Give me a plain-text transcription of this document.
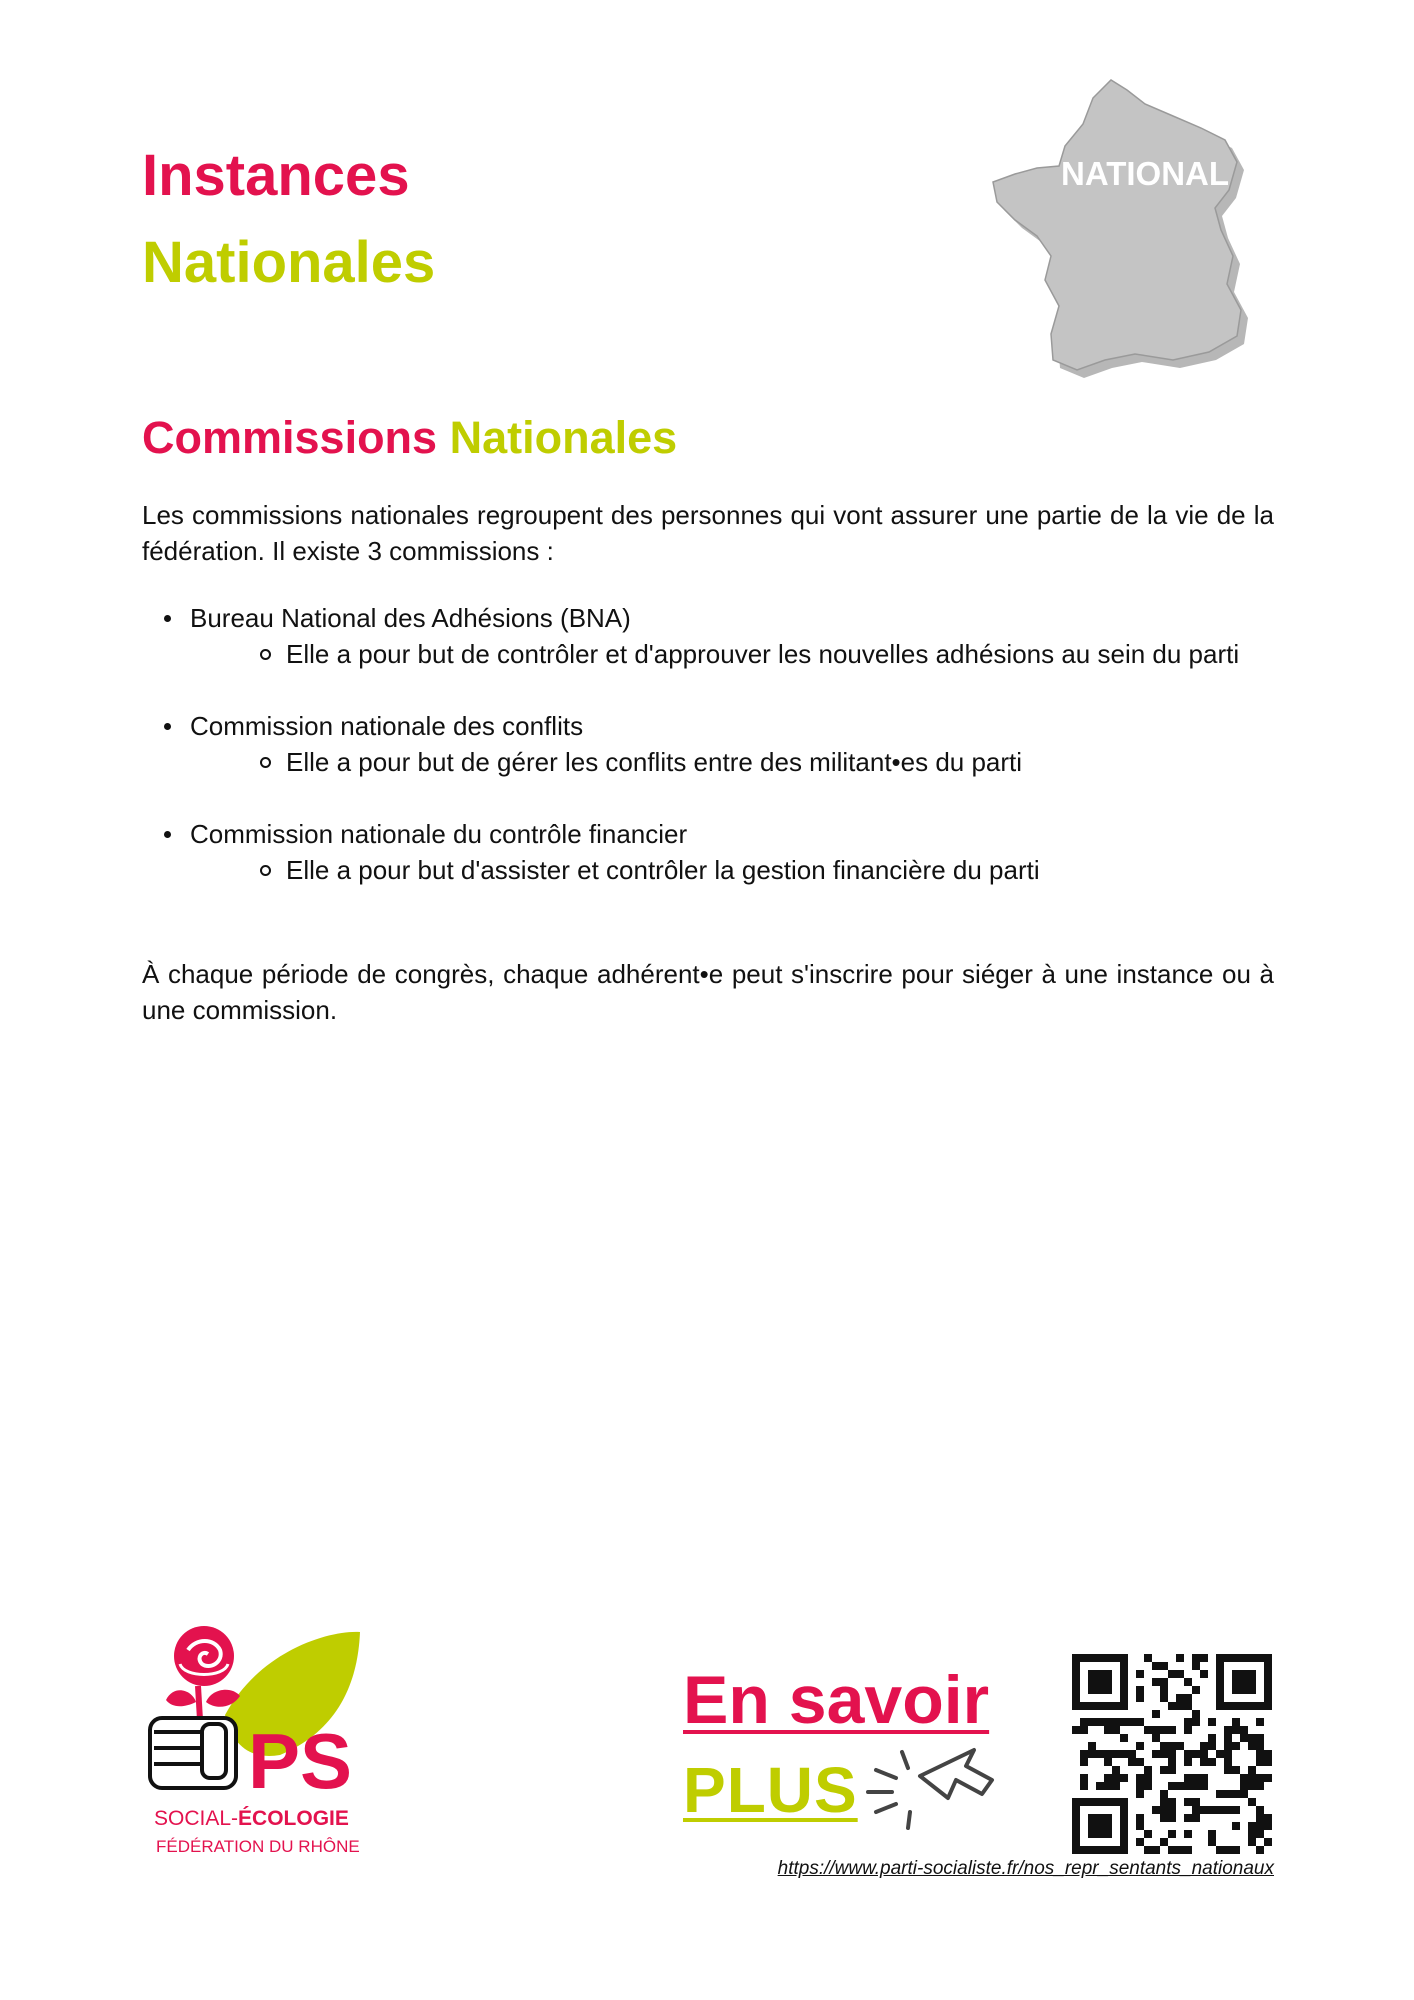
Instances
Nationales
NATIONAL
Commissions Nationales

Les commissions nationales regroupent des personnes qui vont assurer une partie de la vie de la fédération. Il existe 3 commissions :

Bureau National des Adhésions (BNA)
Elle a pour but de contrôler et d'approuver les nouvelles adhésions au sein du parti
Commission nationale des conflits
Elle a pour but de gérer les conflits entre des militant•es du parti
Commission nationale du contrôle financier
Elle a pour but d'assister et contrôler la gestion financière du parti

À chaque période de congrès, chaque adhérent•e peut s'inscrire pour siéger à une instance ou à une commission.

PS
SOCIAL-ÉCOLOGIE
FÉDÉRATION DU RHÔNE
En savoir
PLUS
https://www.parti-socialiste.fr/nos_repr_sentants_nationaux
